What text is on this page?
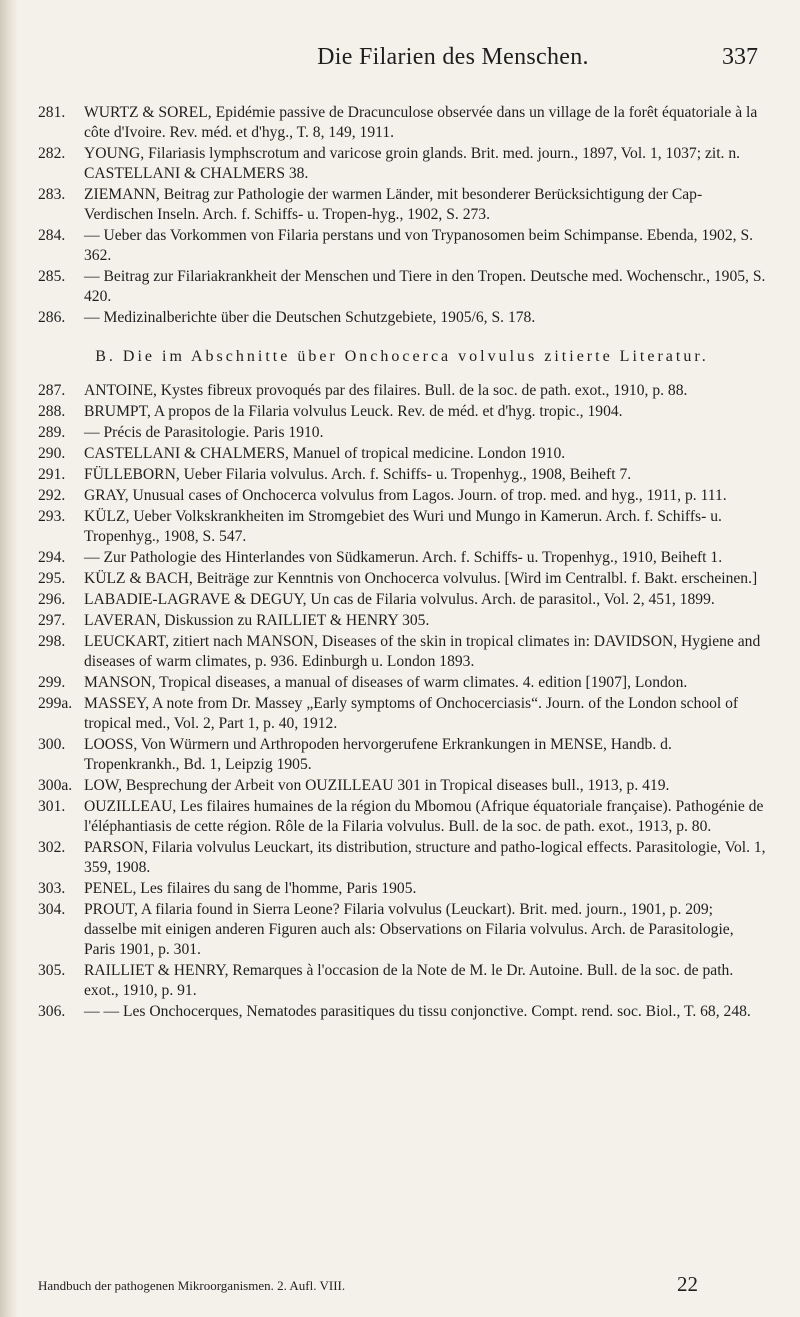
Die Filarien des Menschen.	337
281.	WURTZ & SOREL, Epidémie passive de Dracunculose observée dans un village de la forêt équatoriale à la côte d'Ivoire. Rev. méd. et d'hyg., T. 8, 149, 1911.
282.	YOUNG, Filariasis lymphscrotum and varicose groin glands. Brit. med. journ., 1897, Vol. 1, 1037; zit. n. CASTELLANI & CHALMERS 38.
283.	ZIEMANN, Beitrag zur Pathologie der warmen Länder, mit besonderer Berücksichtigung der Cap-Verdischen Inseln. Arch. f. Schiffs- u. Tropen-hyg., 1902, S. 273.
284.	— Ueber das Vorkommen von Filaria perstans und von Trypanosomen beim Schimpanse. Ebenda, 1902, S. 362.
285.	— Beitrag zur Filariakrankheit der Menschen und Tiere in den Tropen. Deutsche med. Wochenschr., 1905, S. 420.
286.	— Medizinalberichte über die Deutschen Schutzgebiete, 1905/6, S. 178.
B. Die im Abschnitte über Onchocerca volvulus zitierte Literatur.
287.	ANTOINE, Kystes fibreux provoqués par des filaires. Bull. de la soc. de path. exot., 1910, p. 88.
288.	BRUMPT, A propos de la Filaria volvulus Leuck. Rev. de méd. et d'hyg. tropic., 1904.
289.	— Précis de Parasitologie. Paris 1910.
290.	CASTELLANI & CHALMERS, Manuel of tropical medicine. London 1910.
291.	FÜLLEBORN, Ueber Filaria volvulus. Arch. f. Schiffs- u. Tropenhyg., 1908, Beiheft 7.
292.	GRAY, Unusual cases of Onchocerca volvulus from Lagos. Journ. of trop. med. and hyg., 1911, p. 111.
293.	KÜLZ, Ueber Volkskrankheiten im Stromgebiet des Wuri und Mungo in Kamerun. Arch. f. Schiffs- u. Tropenhyg., 1908, S. 547.
294.	— Zur Pathologie des Hinterlandes von Südkamerun. Arch. f. Schiffs- u. Tropenhyg., 1910, Beiheft 1.
295.	KÜLZ & BACH, Beiträge zur Kenntnis von Onchocerca volvulus. [Wird im Centralbl. f. Bakt. erscheinen.]
296.	LABADIE-LAGRAVE & DEGUY, Un cas de Filaria volvulus. Arch. de parasitol., Vol. 2, 451, 1899.
297.	LAVERAN, Diskussion zu RAILLIET & HENRY 305.
298.	LEUCKART, zitiert nach MANSON, Diseases of the skin in tropical climates in: DAVIDSON, Hygiene and diseases of warm climates, p. 936. Edinburgh u. London 1893.
299.	MANSON, Tropical diseases, a manual of diseases of warm climates. 4. edition [1907], London.
299a. MASSEY, A note from Dr. Massey „Early symptoms of Onchocerciasis“. Journ. of the London school of tropical med., Vol. 2, Part 1, p. 40, 1912.
300.	LOOSS, Von Würmern und Arthropoden hervorgerufene Erkrankungen in MENSE, Handb. d. Tropenkrankh., Bd. 1, Leipzig 1905.
300a. LOW, Besprechung der Arbeit von OUZILLEAU 301 in Tropical diseases bull., 1913, p. 419.
301.	OUZILLEAU, Les filaires humaines de la région du Mbomou (Afrique équatoriale française). Pathogénie de l'éléphantiasis de cette région. Rôle de la Filaria volvulus. Bull. de la soc. de path. exot., 1913, p. 80.
302.	PARSON, Filaria volvulus Leuckart, its distribution, structure and patho-logical effects. Parasitologie, Vol. 1, 359, 1908.
303.	PENEL, Les filaires du sang de l'homme, Paris 1905.
304.	PROUT, A filaria found in Sierra Leone? Filaria volvulus (Leuckart). Brit. med. journ., 1901, p. 209; dasselbe mit einigen anderen Figuren auch als: Observations on Filaria volvulus. Arch. de Parasitologie, Paris 1901, p. 301.
305.	RAILLIET & HENRY, Remarques à l'occasion de la Note de M. le Dr. Autoine. Bull. de la soc. de path. exot., 1910, p. 91.
306.	— — Les Onchocerques, Nematodes parasitiques du tissu conjonctive. Compt. rend. soc. Biol., T. 68, 248.
Handbuch der pathogenen Mikroorganismen. 2. Aufl. VIII.	22
